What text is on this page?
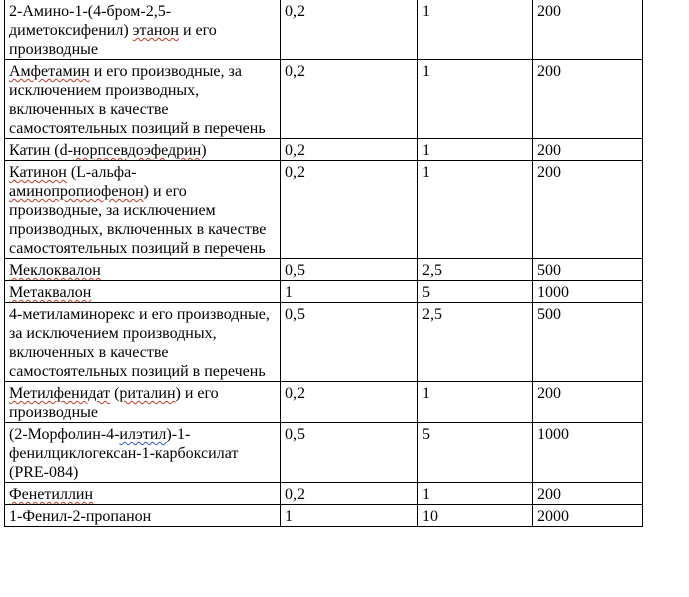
2-Амино-1-(4-бром-2,5-диметоксифенил) этанон и его производные	0,2	1	200
Амфетамин и его производные, за исключением производных, включенных в качестве самостоятельных позиций в перечень	0,2	1	200
Катин (d-норпсевдоэфедрин)	0,2	1	200
Катинон (L-альфа-аминопропиофенон) и его производные, за исключением производных, включенных в качестве самостоятельных позиций в перечень	0,2	1	200
Меклоквалон	0,5	2,5	500
Метаквалон	1	5	1000
4-метиламинорекс и его производные, за исключением производных, включенных в качестве самостоятельных позиций в перечень	0,5	2,5	500
Метилфенидат (риталин) и его производные	0,2	1	200
(2-Морфолин-4-илэтил)-1-фенилциклогексан-1-карбоксилат (PRE-084)	0,5	5	1000
Фенетиллин	0,2	1	200
1-Фенил-2-пропанон	1	10	2000
